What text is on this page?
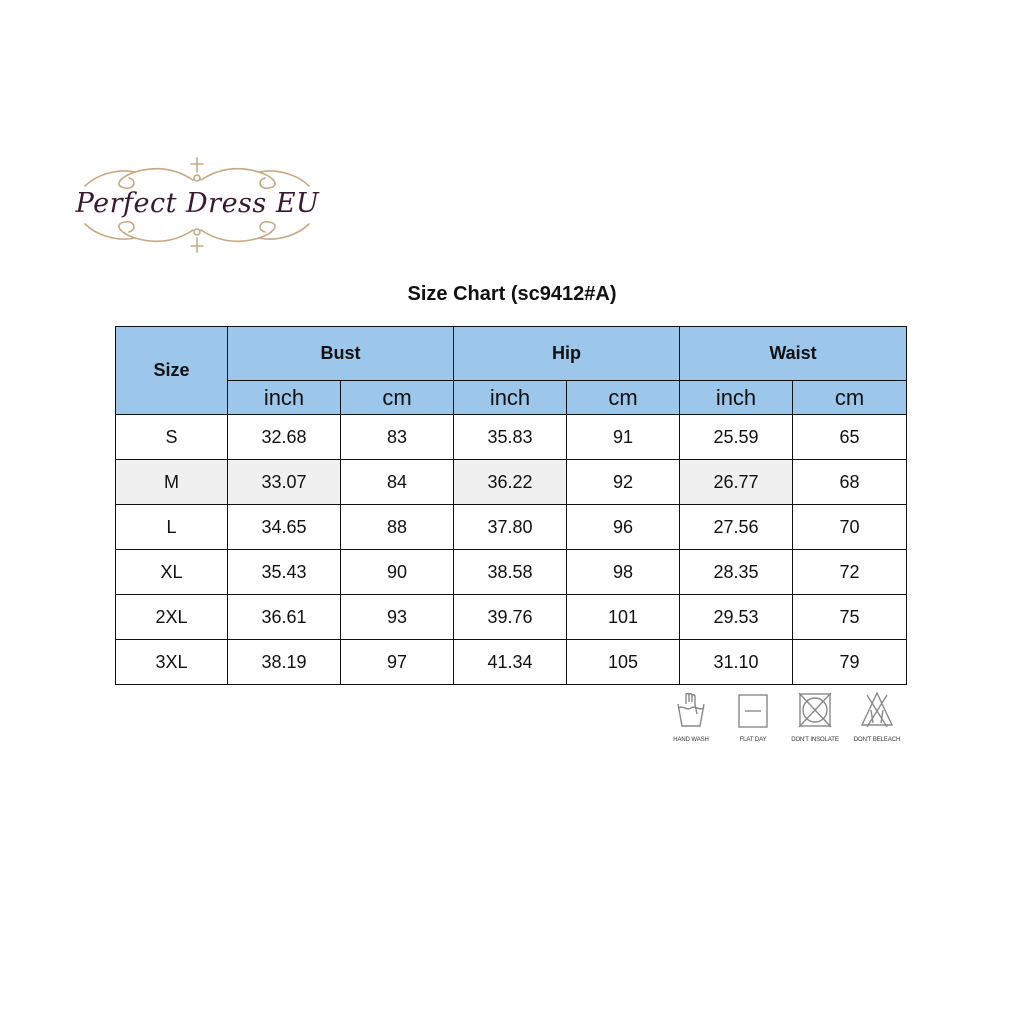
Perfect Dress EU
Size Chart (sc9412#A)
Size	Bust		Hip		Waist	
	inch	cm	inch	cm	inch	cm
S	32.68	83	35.83	91	25.59	65
M	33.07	84	36.22	92	26.77	68
L	34.65	88	37.80	96	27.56	70
XL	35.43	90	38.58	98	28.35	72
2XL	36.61	93	39.76	101	29.53	75
3XL	38.19	97	41.34	105	31.10	79
HAND WASH	FLAT DAY	DON'T INSOLATE	DON'T BELEACH
